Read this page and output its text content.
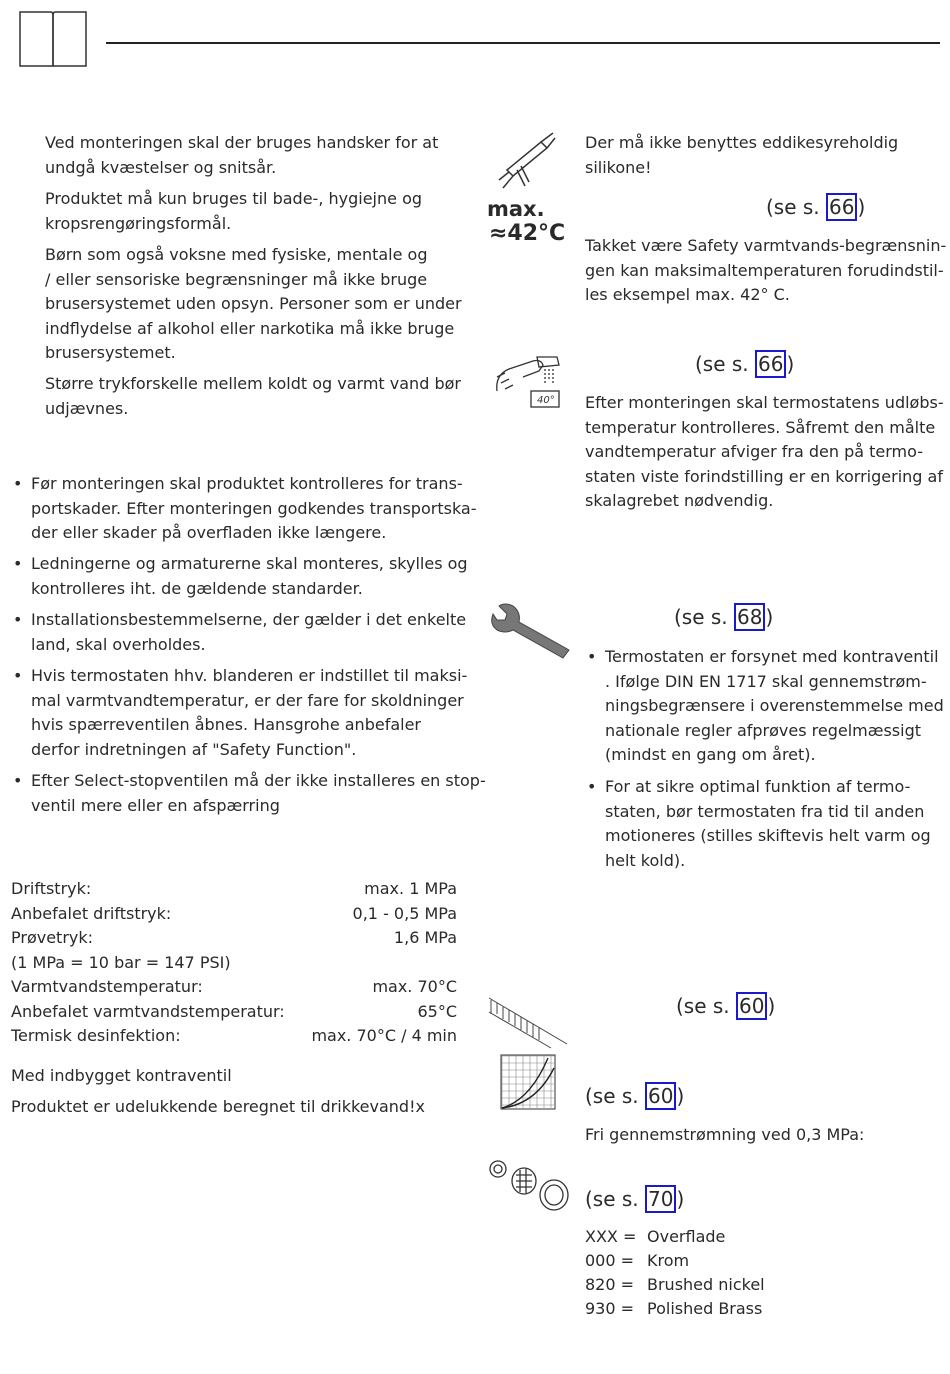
Ved monteringen skal der bruges handsker for at
undgå kvæstelser og snitsår.
Produktet må kun bruges til bade-, hygiejne og
kropsrengøringsformål.
Børn som også voksne med fysiske, mentale og
/ eller sensoriske begrænsninger må ikke bruge
brusersystemet uden opsyn. Personer som er under
indflydelse af alkohol eller narkotika må ikke bruge
brusersystemet.
Større trykforskelle mellem koldt og varmt vand bør
udjævnes.
• Før monteringen skal produktet kontrolleres for trans-
portskader. Efter monteringen godkendes transportska-
der eller skader på overfladen ikke længere.
• Ledningerne og armaturerne skal monteres, skylles og
kontrolleres iht. de gældende standarder.
• Installationsbestemmelserne, der gælder i det enkelte
land, skal overholdes.
• Hvis termostaten hhv. blanderen er indstillet til maksi-
mal varmtvandtemperatur, er der fare for skoldninger
hvis spærreventilen åbnes. Hansgrohe anbefaler
derfor indretningen af "Safety Function".
• Efter Select-stopventilen må der ikke installeres en stop-
ventil mere eller en afspærring
Driftstryk:	max. 1 MPa
Anbefalet driftstryk:	0,1 - 0,5 MPa
Prøvetryk:	1,6 MPa
(1 MPa = 10 bar = 147 PSI)
Varmtvandstemperatur:	max. 70°C
Anbefalet varmtvandstemperatur:	65°C
Termisk desinfektion:	max. 70°C / 4 min
Med indbygget kontraventil
Produktet er udelukkende beregnet til drikkevand!x
max.
≈42°C
Der må ikke benyttes eddikesyreholdig
silikone!
(se s. 66 )
Takket være Safety varmtvands-begrænsnin-
gen kan maksimaltemperaturen forudindstil-
les eksempel max. 42° C.
40°
(se s. 66 )
Efter monteringen skal termostatens udløbs-
temperatur kontrolleres. Såfremt den målte
vandtemperatur afviger fra den på termo-
staten viste forindstilling er en korrigering af
skalagrebet nødvendig.
(se s. 68 )
• Termostaten er forsynet med kontraventil
. Ifølge DIN EN 1717 skal gennemstrøm-
ningsbegrænsere i overenstemmelse med
nationale regler afprøves regelmæssigt
(mindst en gang om året).
• For at sikre optimal funktion af termo-
staten, bør termostaten fra tid til anden
motioneres (stilles skiftevis helt varm og
helt kold).
(se s. 60 )
(se s. 60 )
Fri gennemstrømning ved 0,3 MPa:
(se s. 70 )
XXX = Overflade
000 = Krom
820 = Brushed nickel
930 = Polished Brass
